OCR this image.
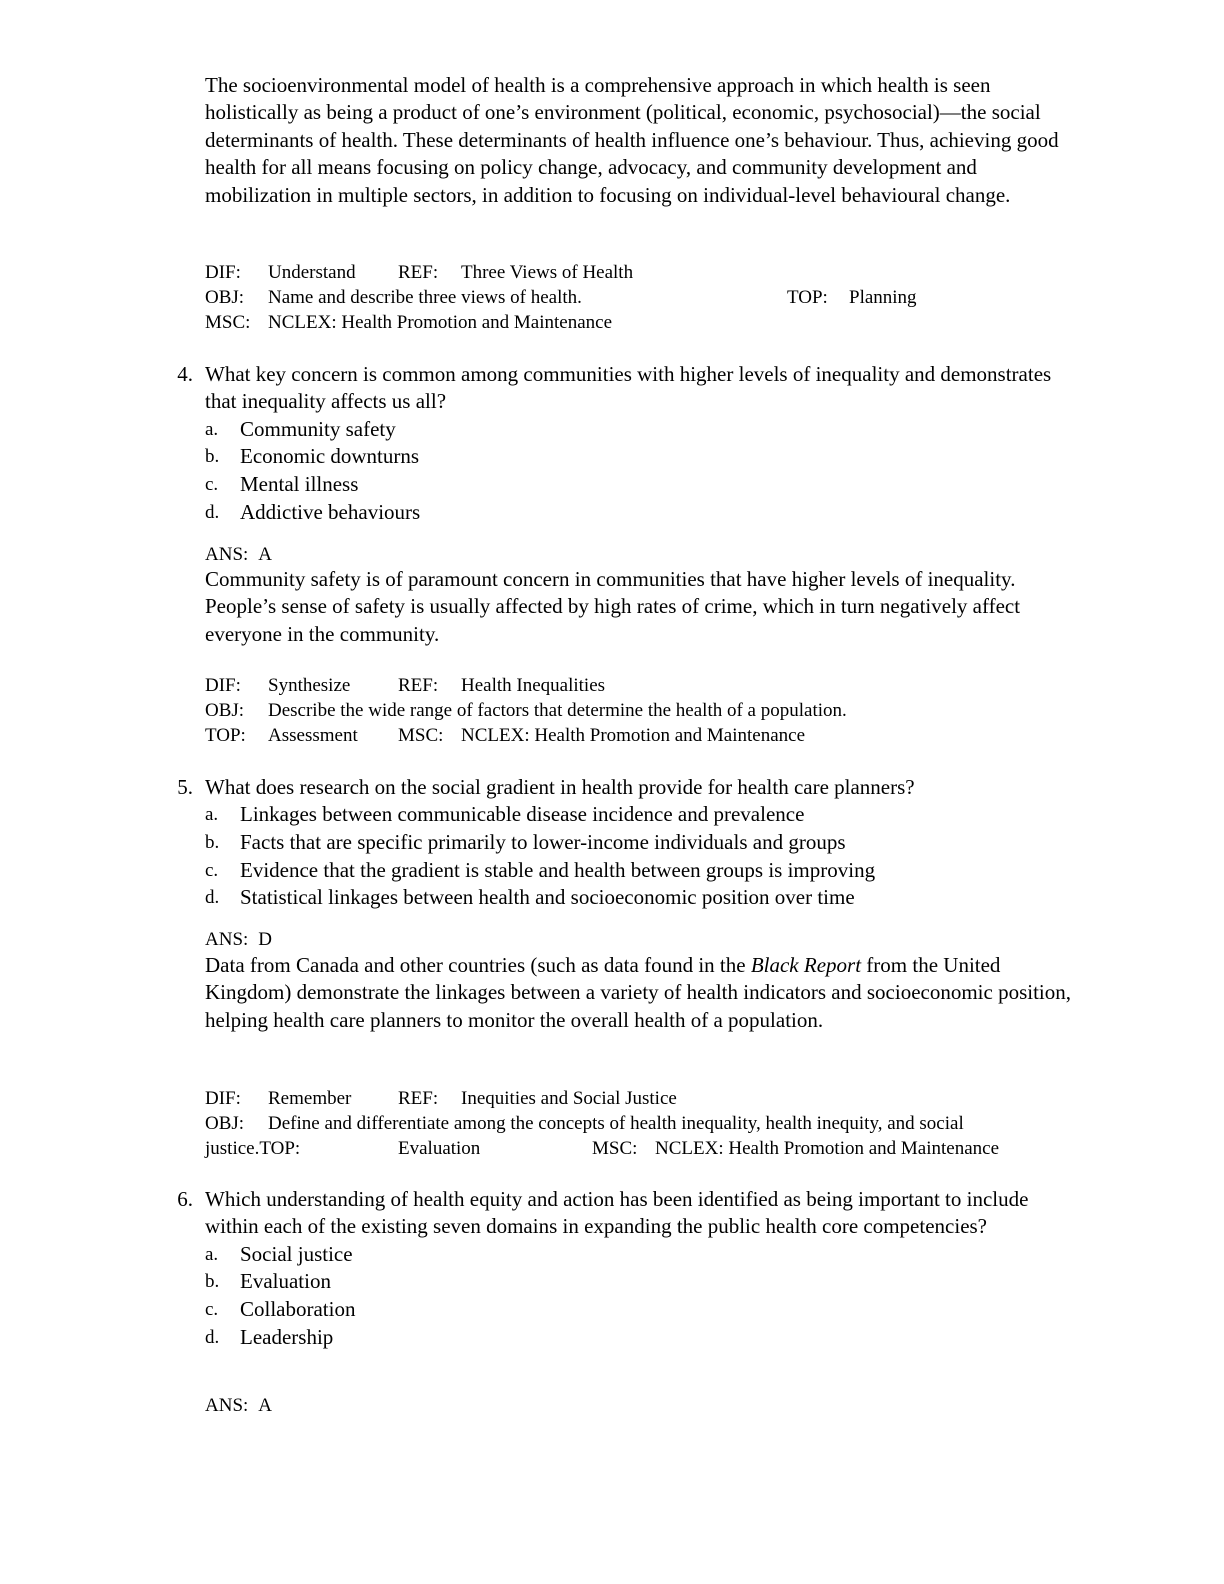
The socioenvironmental model of health is a comprehensive approach in which health is seen holistically as being a product of one’s environment (political, economic, psychosocial)—the social determinants of health. These determinants of health influence one’s behaviour. Thus, achieving good health for all means focusing on policy change, advocacy, and community development and mobilization in multiple sectors, in addition to focusing on individual-level behavioural change.

DIF: Understand REF: Three Views of Health
OBJ: Name and describe three views of health.	TOP: Planning
MSC: NCLEX: Health Promotion and Maintenance
4. What key concern is common among communities with higher levels of inequality and demonstrates that inequality affects us all?
a. Community safety
b. Economic downturns
c. Mental illness
d. Addictive behaviours
ANS: A

Community safety is of paramount concern in communities that have higher levels of inequality. People’s sense of safety is usually affected by high rates of crime, which in turn negatively affect everyone in the community.

DIF: Synthesize	REF: Health Inequalities
OBJ: Describe the wide range of factors that determine the health of a population.
TOP: Assessment MSC: NCLEX: Health Promotion and Maintenance
5. What does research on the social gradient in health provide for health care planners?
a. Linkages between communicable disease incidence and prevalence
b. Facts that are specific primarily to lower-income individuals and groups
c. Evidence that the gradient is stable and health between groups is improving
d. Statistical linkages between health and socioeconomic position over time
ANS: D

Data from Canada and other countries (such as data found in the Black Report from the United Kingdom) demonstrate the linkages between a variety of health indicators and socioeconomic position, helping health care planners to monitor the overall health of a population.

DIF: Remember REF: Inequities and Social Justice
OBJ: Define and differentiate among the concepts of health inequality, health inequity, and social
justice.TOP:	Evaluation	MSC: NCLEX: Health Promotion and Maintenance
6. Which understanding of health equity and action has been identified as being important to include within each of the existing seven domains in expanding the public health core competencies?
a. Social justice
b. Evaluation
c. Collaboration
d. Leadership
ANS: A
